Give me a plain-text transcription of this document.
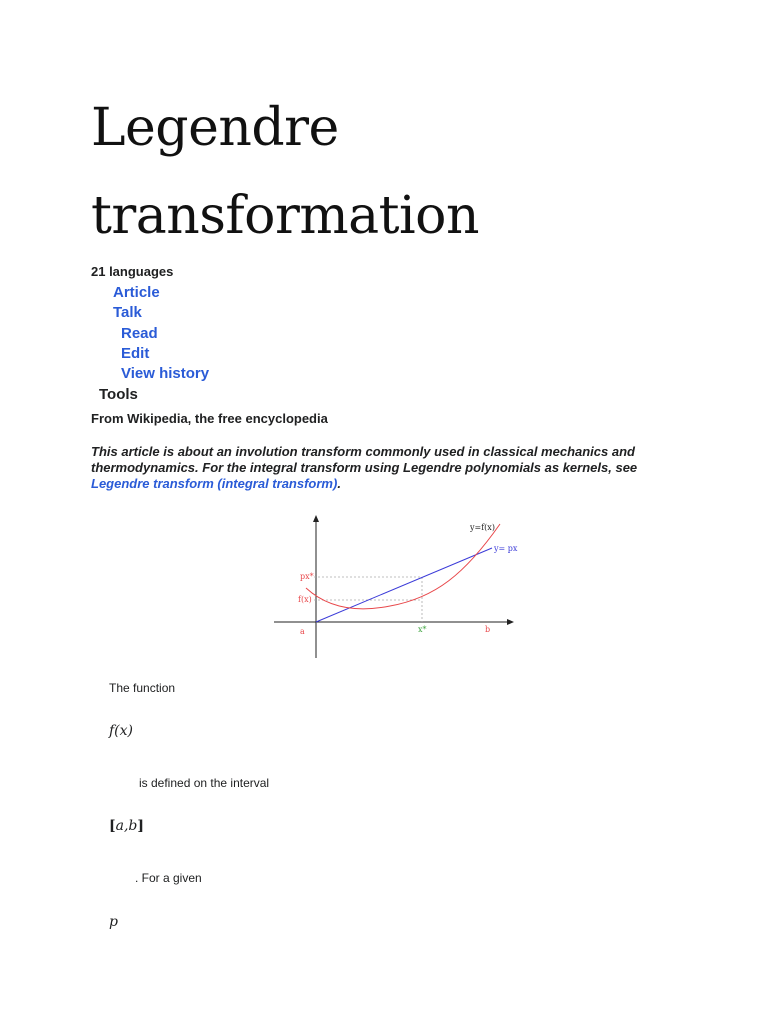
Legendre
transformation
21 languages
Article
Talk
Read
Edit
View history
Tools
From Wikipedia, the free encyclopedia
This article is about an involution transform commonly used in classical mechanics and thermodynamics. For the integral transform using Legendre polynomials as kernels, see Legendre transform (integral transform).
y=f(x)
y= px
px*
f(x)
a	x*	b
The function
f(x)
is defined on the interval
[a,b]
. For a given
p
